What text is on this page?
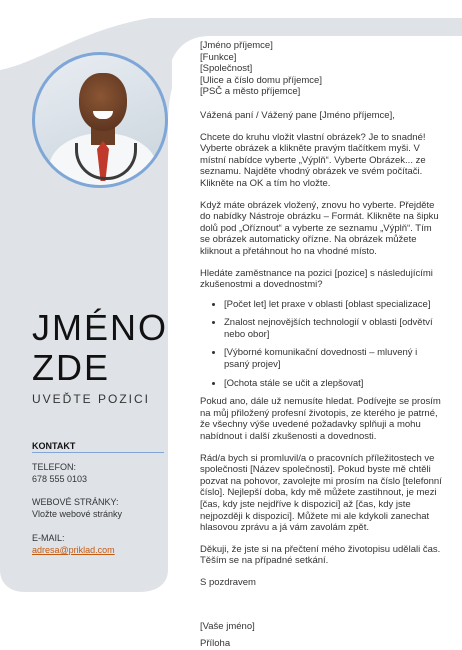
JMÉNO
ZDE
UVEĎTE POZICI
KONTAKT
TELEFON:
678 555 0103
WEBOVÉ STRÁNKY:
Vložte webové stránky
E-MAIL:
adresa@priklad.com
[Jméno příjemce]
[Funkce]
[Společnost]
[Ulice a číslo domu příjemce]
[PSČ a město příjemce]

Vážená paní / Vážený pane [Jméno příjemce],

Chcete do kruhu vložit vlastní obrázek? Je to snadné! Vyberte obrázek a klikněte pravým tlačítkem myši. V místní nabídce vyberte „Výplň“. Vyberte Obrázek... ze seznamu. Najděte vhodný obrázek ve svém počítači. Klikněte na OK a tím ho vložte.

Když máte obrázek vložený, znovu ho vyberte. Přejděte do nabídky Nástroje obrázku – Formát. Klikněte na šipku dolů pod „Oříznout“ a vyberte ze seznamu „Výplň“. Tím se obrázek automaticky ořízne. Na obrázek můžete kliknout a přetáhnout ho na vhodné místo.

Hledáte zaměstnance na pozici [pozice] s následujícími zkušenostmi a dovednostmi?

• [Počet let] let praxe v oblasti [oblast specializace]
• Znalost nejnovějších technologií v oblasti [odvětví nebo obor]
• [Výborné komunikační dovednosti – mluvený i psaný projev]
• [Ochota stále se učit a zlepšovat]

Pokud ano, dále už nemusíte hledat. Podívejte se prosím na můj přiložený profesní životopis, ze kterého je patrné, že všechny výše uvedené požadavky splňuji a mohu nabídnout i další zkušenosti a dovednosti.

Rád/a bych si promluvil/a o pracovních příležitostech ve společnosti [Název společnosti]. Pokud byste mě chtěli pozvat na pohovor, zavolejte mi prosím na číslo [telefonní číslo]. Nejlepší doba, kdy mě můžete zastihnout, je mezi [čas, kdy jste nejdříve k dispozici] až [čas, kdy jste nejpozději k dispozici]. Můžete mi ale kdykoli zanechat hlasovou zprávu a já vám zavolám zpět.

Děkuji, že jste si na přečtení mého životopisu udělali čas. Těším se na případné setkání.

S pozdravem

[Vaše jméno]

Příloha
